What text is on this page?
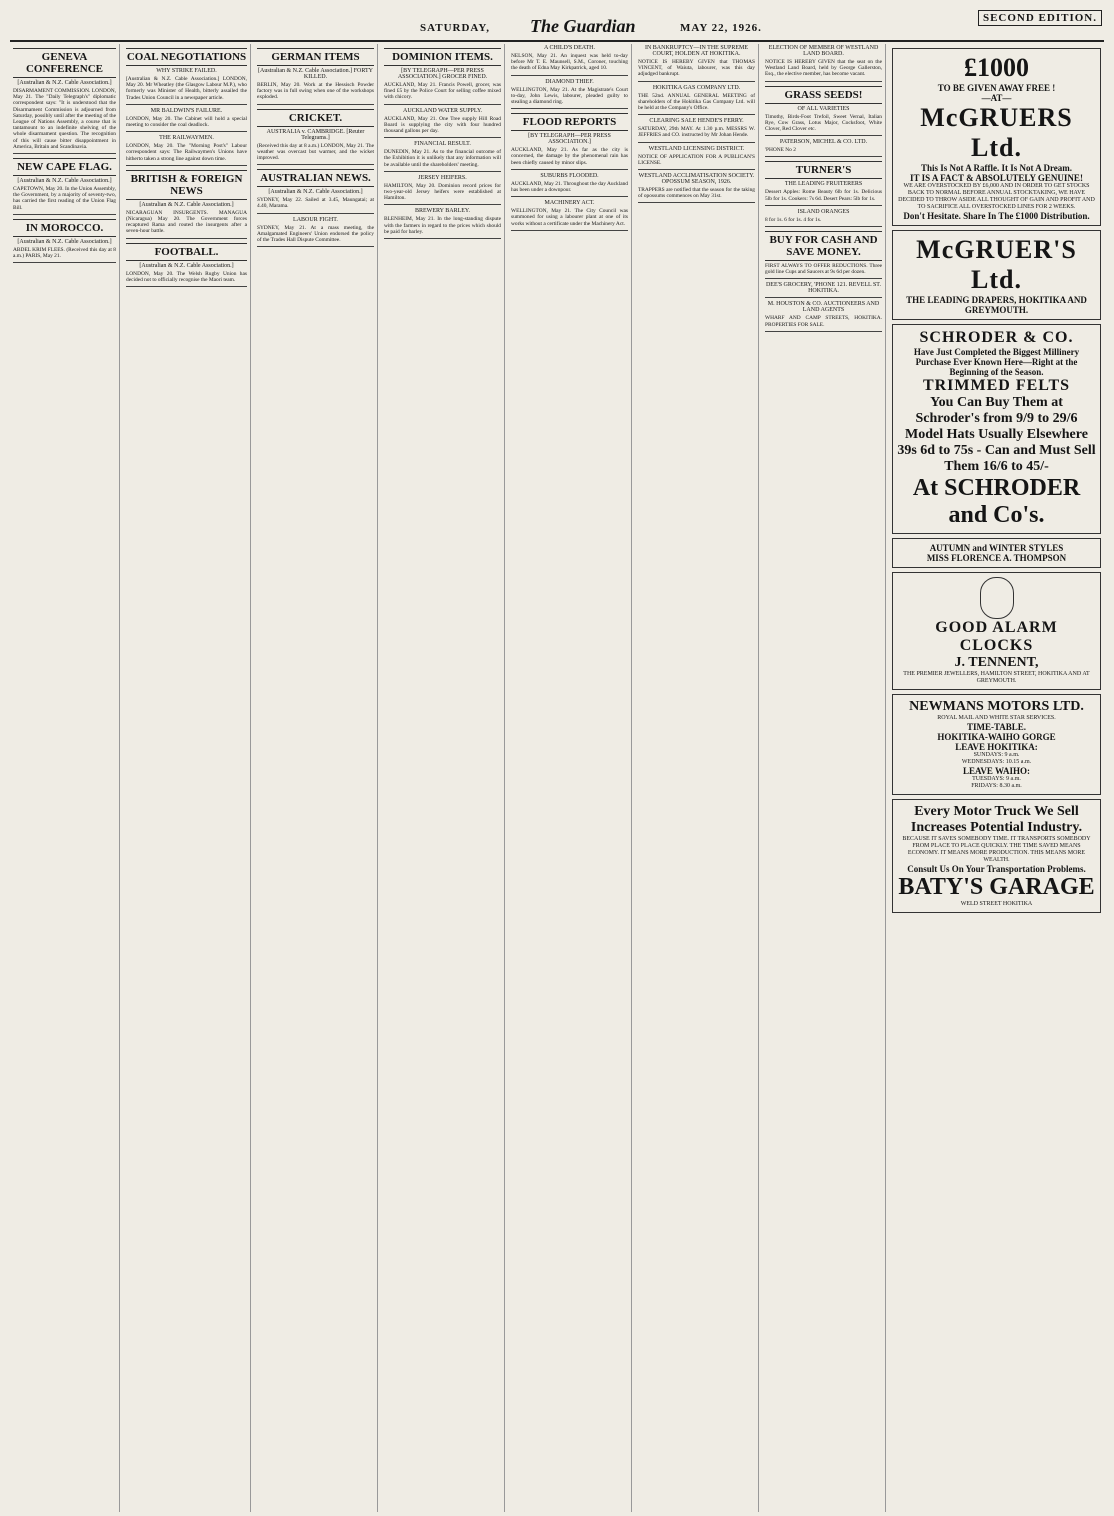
SATURDAY, The Guardian	MAY 22, 1926.
SECOND EDITION.
GENEVA CONFERENCE
[Australian & N.Z. Cable Association.]
DISARMAMENT COMMISSION. LONDON, May 21. The "Daily Telegraph's" diplomatic correspondent says: "It is understood that the Disarmament Commission is adjourned from Saturday, possibly until after the meeting of the League of Nations Assembly, a course that is tantamount to an indefinite shelving of the whole disarmament question. The recognition of this will cause bitter disappointment in America, Britain and Scandinavia.
NEW CAPE FLAG.
[Australian & N.Z. Cable Association.]
CAPETOWN, May 20. In the Union Assembly, the Government, by a majority of seventy-two, has carried the first reading of the Union Flag Bill.
IN MOROCCO.
[Australian & N.Z. Cable Association.]
ABDEL KRIM FLEES. (Received this day at 8 a.m.) PARIS, May 21.
COAL NEGOTIATIONS
WHY STRIKE FAILED.
[Australian & N.Z. Cable Association.] LONDON, May 20. Mr Wheatley (the Glasgow Labour M.P.), who formerly was Minister of Health, bitterly assailed the Trades Union Council in a newspaper article.
MR BALDWIN'S FAILURE.
LONDON, May 20. The Cabinet will hold a special meeting to consider the coal deadlock.
THE RAILWAYMEN.
LONDON, May 20. The "Morning Post's" Labour correspondent says: The Railwaymen's Unions have hitherto taken a strong line against down time.
BRITISH & FOREIGN NEWS
[Australian & N.Z. Cable Association.]
NICARAGUAN INSURGENTS. MANAGUA (Nicaragua) May 20. The Government forces recaptured Rama and routed the insurgents after a seven-hour battle.
FOOTBALL.
[Australian & N.Z. Cable Association.]
LONDON, May 20. The Welsh Rugby Union has decided not to officially recognise the Maori team.
GERMAN ITEMS
[Australian & N.Z. Cable Association.] FORTY KILLED.
BERLIN, May 20. Work at the Hessisch Powder factory was in full swing when one of the workshops exploded.
CRICKET.
AUSTRALIA v. CAMBRIDGE. [Reuter Telegrams.]
(Received this day at 8 a.m.) LONDON, May 21. The weather was overcast but warmer, and the wicket improved.
AUSTRALIAN NEWS.
[Australian & N.Z. Cable Association.]
SYDNEY, May 22. Sailed at 3.45, Maungatai; at 4.40, Marama.
LABOUR FIGHT.
SYDNEY, May 21. At a mass meeting, the Amalgamated Engineers' Union endorsed the policy of the Trades Hall Dispute Committee.
DOMINION ITEMS.
[BY TELEGRAPH—PER PRESS ASSOCIATION.] GROCER FINED.
AUCKLAND, May 21. Francis Powell, grocer, was fined £5 by the Police Court for selling coffee mixed with chicory.
AUCKLAND WATER SUPPLY.
AUCKLAND, May 21. One Tree supply Hill Road Board is supplying the city with four hundred thousand gallons per day.
FINANCIAL RESULT.
DUNEDIN, May 21. As to the financial outcome of the Exhibition it is unlikely that any information will be available until the shareholders' meeting.
JERSEY HEIFERS.
HAMILTON, May 20. Dominion record prices for two-year-old Jersey heifers were established at Hamilton.
BREWERY BARLEY.
BLENHEIM, May 21. In the long-standing dispute with the farmers in regard to the prices which should be paid for barley.
A CHILD'S DEATH.
NELSON, May 21. An inquest was held to-day before Mr T. E. Maunsell, S.M., Coroner, touching the death of Edna May Kirkpatrick, aged 10.
DIAMOND THIEF.
WELLINGTON, May 21. At the Magistrate's Court to-day, John Lewis, labourer, pleaded guilty to stealing a diamond ring.
FLOOD REPORTS
[BY TELEGRAPH—PER PRESS ASSOCIATION.]
AUCKLAND, May 21. As far as the city is concerned, the damage by the phenomenal rain has been chiefly caused by minor slips.
SUBURBS FLOODED.
AUCKLAND, May 21. Throughout the day Auckland has been under a downpour.
MACHINERY ACT.
WELLINGTON, May 21. The City Council was summoned for using a labourer plant at one of its works without a certificate under the Machinery Act.
IN BANKRUPTCY—IN THE SUPREME COURT, HOLDEN AT HOKITIKA.
NOTICE IS HEREBY GIVEN that THOMAS VINCENT, of Waiuta, labourer, was this day adjudged bankrupt.
HOKITIKA GAS COMPANY LTD.
THE 52nd. ANNUAL GENERAL MEETING of shareholders of the Hokitika Gas Company Ltd. will be held at the Company's Office.
CLEARING SALE HENDE'S FERRY.
SATURDAY, 29th MAY. At 1.30 p.m. MESSRS W. JEFFRIES and CO. instructed by Mr Johan Hende.
WESTLAND LICENSING DISTRICT.
NOTICE OF APPLICATION FOR A PUBLICAN'S LICENSE.
WESTLAND ACCLIMATISATION SOCIETY. OPOSSUM SEASON, 1926.
TRAPPERS are notified that the season for the taking of opossums commences on May 31st.
ELECTION OF MEMBER OF WESTLAND LAND BOARD.
NOTICE IS HEREBY GIVEN that the seat on the Westland Land Board, held by George Gallerston, Esq., the elective member, has become vacant.
GRASS SEEDS!
OF ALL VARIETIES
Timothy, Birds-Foot Trefoil, Sweet Vernal, Italian Rye, Cow Grass, Lotus Major, Cocksfoot, White Clover, Red Clover etc.
PATERSON, MICHEL & CO. LTD.
'PHONE No 2
TURNER'S
THE LEADING FRUITERERS
Dessert Apples: Rome Beauty 6lb for 1s. Delicious 5lb for 1s. Cookers: 7s 6d. Desert Pears: 5lb for 1s.
ISLAND ORANGES
8 for 1s. 6 for 1s. 4 for 1s.
BUY FOR CASH AND SAVE MONEY.
FIRST ALWAYS TO OFFER REDUCTIONS. Three gold line Cups and Saucers at 9s 6d per dozen.
DEE'S GROCERY, 'PHONE 121. REVELL ST. HOKITIKA.
M. HOUSTON & CO. AUCTIONEERS AND LAND AGENTS
WHARF AND CAMP STREETS, HOKITIKA. PROPERTIES FOR SALE.
£1000
TO BE GIVEN AWAY FREE !
—AT—
McGRUERS Ltd.
This Is Not A Raffle. It Is Not A Dream.
IT IS A FACT & ABSOLUTELY GENUINE!
WE ARE OVERSTOCKED BY £6,000 AND IN ORDER TO GET STOCKS BACK TO NORMAL BEFORE ANNUAL STOCKTAKING, WE HAVE DECIDED TO THROW ASIDE ALL THOUGHT OF GAIN AND PROFIT AND TO SACRIFICE ALL OVERSTOCKED LINES FOR 2 WEEKS.
Don't Hesitate. Share In The £1000 Distribution.
McGRUER'S Ltd.
THE LEADING DRAPERS, HOKITIKA AND GREYMOUTH.
SCHRODER & CO.
Have Just Completed the Biggest Millinery Purchase Ever Known Here—Right at the Beginning of the Season.
TRIMMED FELTS
You Can Buy Them at Schroder's from 9/9 to 29/6
Model Hats Usually Elsewhere 39s 6d to 75s - Can and Must Sell Them 16/6 to 45/-
At SCHRODER and Co's.
AUTUMN and WINTER STYLES
MISS FLORENCE A. THOMPSON
GOOD ALARM CLOCKS
J. TENNENT,
THE PREMIER JEWELLERS, HAMILTON STREET, HOKITIKA AND AT GREYMOUTH.
NEWMANS MOTORS LTD.
ROYAL MAIL AND WHITE STAR SERVICES.
TIME-TABLE.
HOKITIKA-WAIHO GORGE
LEAVE HOKITIKA:
SUNDAYS: 9 a.m.
WEDNESDAYS: 10.15 a.m.
LEAVE WAIHO:
TUESDAYS: 9 a.m.
FRIDAYS: 8.30 a.m.
Every Motor Truck We Sell Increases Potential Industry.
BECAUSE IT SAVES SOMEBODY TIME. IT TRANSPORTS SOMEBODY FROM PLACE TO PLACE QUICKLY. THE TIME SAVED MEANS ECONOMY. IT MEANS MORE PRODUCTION. THIS MEANS MORE WEALTH.
Consult Us On Your Transportation Problems.
BATY'S GARAGE
WELD STREET HOKITIKA
